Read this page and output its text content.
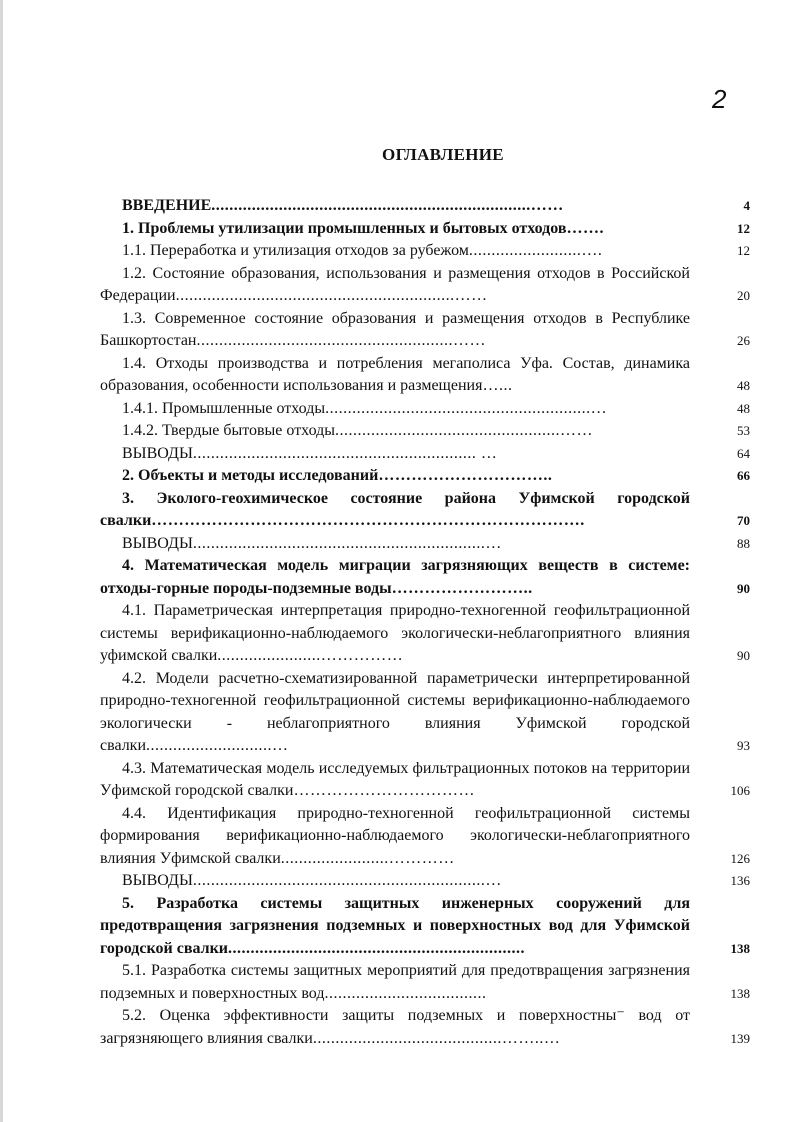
2
ОГЛАВЛЕНИЕ
ВВЕДЕНИЕ.......................................................................……	4
1. Проблемы утилизации промышленных и бытовых отходов…….	12
1.1. Переработка и утилизация отходов за рубежом.........................….	12
1.2. Состояние образования, использования и размещения отходов в Российской Федерации..............................................................……	20
1.3. Современное состояние образования и размещения отходов в Республике Башкортостан.........................................................……	26
1.4. Отходы производства и потребления мегаполиса Уфа. Состав, динамика образования, особенности использования и размещения…...	48
1.4.1. Промышленные отходы...........................................................…	48
1.4.2. Твердые бытовые отходы..................................................……	53
ВЫВОДЫ............................................................... …	64
2. Объекты и методы исследований…………………………..	66
3. Эколого-геохимическое состояние района Уфимской городской свалки…………………………………………………………………….	70
ВЫВОДЫ.................................................................…	88
4. Математическая модель миграции загрязняющих веществ в системе: отходы-горные породы-подземные воды……………………..	90
4.1. Параметрическая интерпретация природно-техногенной геофильтрационной системы верификационно-наблюдаемого экологически-неблагоприятного влияния уфимской свалки.......................……………	90
4.2. Модели расчетно-схематизированной параметрически интерпретированной природно-техногенной геофильтрационной системы верификационно-наблюдаемого экологически - неблагоприятного влияния Уфимской городской свалки............................…	93
4.3. Математическая модель исследуемых фильтрационных потоков на территории Уфимской городской свалки……………………………	106
4.4. Идентификация природно-техногенной геофильтрационной системы формирования верификационно-наблюдаемого экологически-неблагоприятного влияния Уфимской свалки........................…………	126
ВЫВОДЫ.................................................................…	136
5. Разработка системы защитных инженерных сооружений для предотвращения загрязнения подземных и поверхностных вод для Уфимской городской свалки..................................................................	138
5.1. Разработка системы защитных мероприятий для предотвращения загрязнения подземных и поверхностных вод....................................	138
5.2. Оценка эффективности защиты подземных и поверхностны⁻ вод от загрязняющего влияния свалки..........................................……..…	139
